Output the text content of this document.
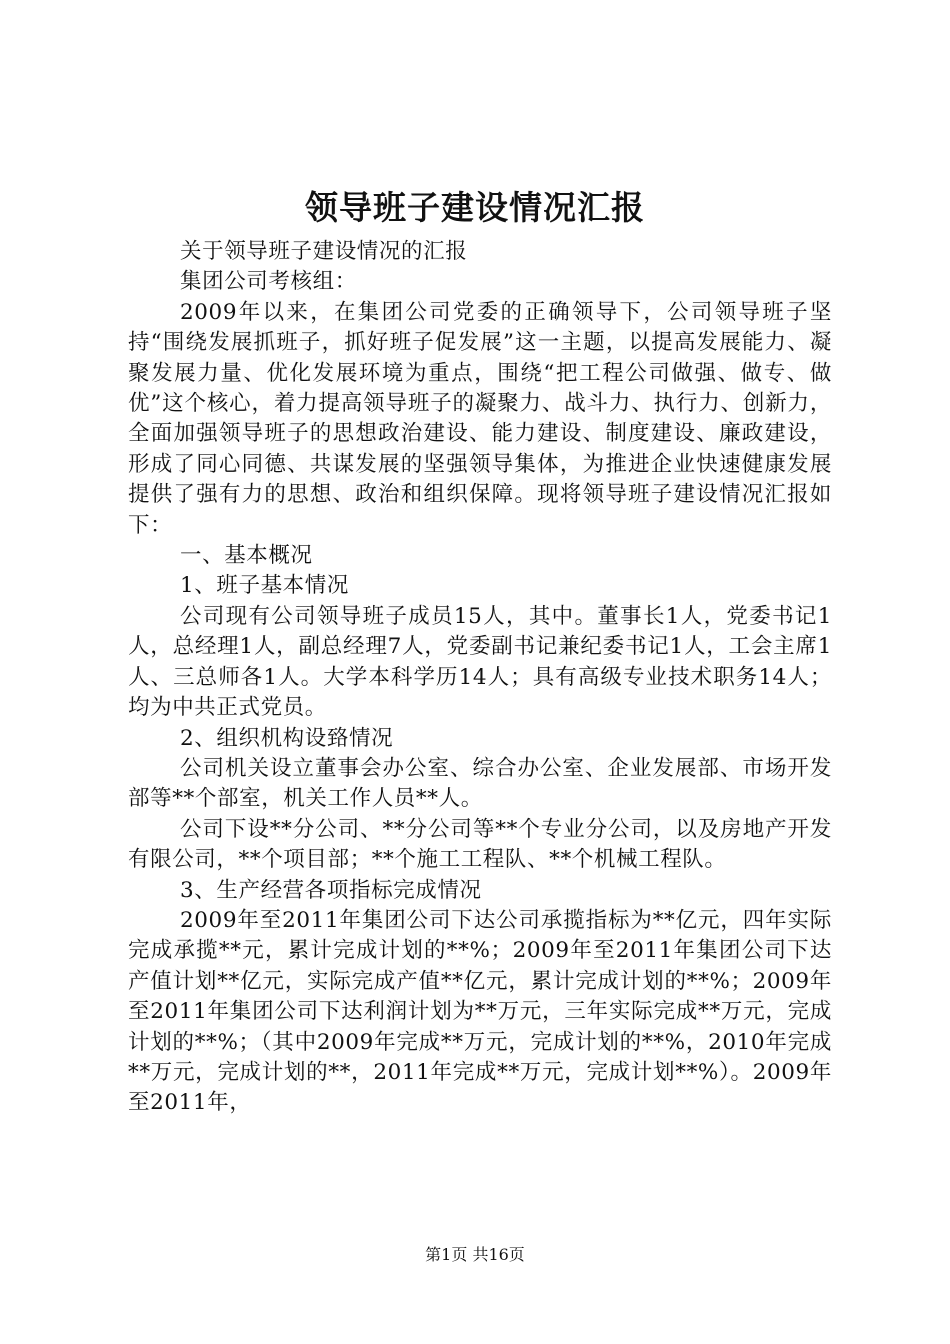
领导班子建设情况汇报

关于领导班子建设情况的汇报

集团公司考核组：

2009年以来，在集团公司党委的正确领导下，公司领导班子坚持“围绕发展抓班子，抓好班子促发展”这一主题，以提高发展能力、凝聚发展力量、优化发展环境为重点，围绕“把工程公司做强、做专、做优”这个核心，着力提高领导班子的凝聚力、战斗力、执行力、创新力，全面加强领导班子的思想政治建设、能力建设、制度建设、廉政建设，形成了同心同德、共谋发展的坚强领导集体，为推进企业快速健康发展提供了强有力的思想、政治和组织保障。现将领导班子建设情况汇报如下：

一、基本概况

1、班子基本情况

公司现有公司领导班子成员15人，其中。董事长1人，党委书记1人，总经理1人，副总经理7人，党委副书记兼纪委书记1人，工会主席1人、三总师各1人。大学本科学历14人；具有高级专业技术职务14人；均为中共正式党员。

2、组织机构设臵情况

公司机关设立董事会办公室、综合办公室、企业发展部、市场开发部等**个部室，机关工作人员**人。

公司下设**分公司、**分公司等**个专业分公司，以及房地产开发有限公司，**个项目部；**个施工工程队、**个机械工程队。

3、生产经营各项指标完成情况

2009年至2011年集团公司下达公司承揽指标为**亿元，四年实际完成承揽**元，累计完成计划的**%；2009年至2011年集团公司下达产值计划**亿元，实际完成产值**亿元，累计完成计划的**%；2009年至2011年集团公司下达利润计划为**万元，三年实际完成**万元，完成计划的**%；（其中2009年完成**万元，完成计划的**%，2010年完成**万元，完成计划的**，2011年完成**万元，完成计划**%）。2009年至2011年，

第1页 共16页
